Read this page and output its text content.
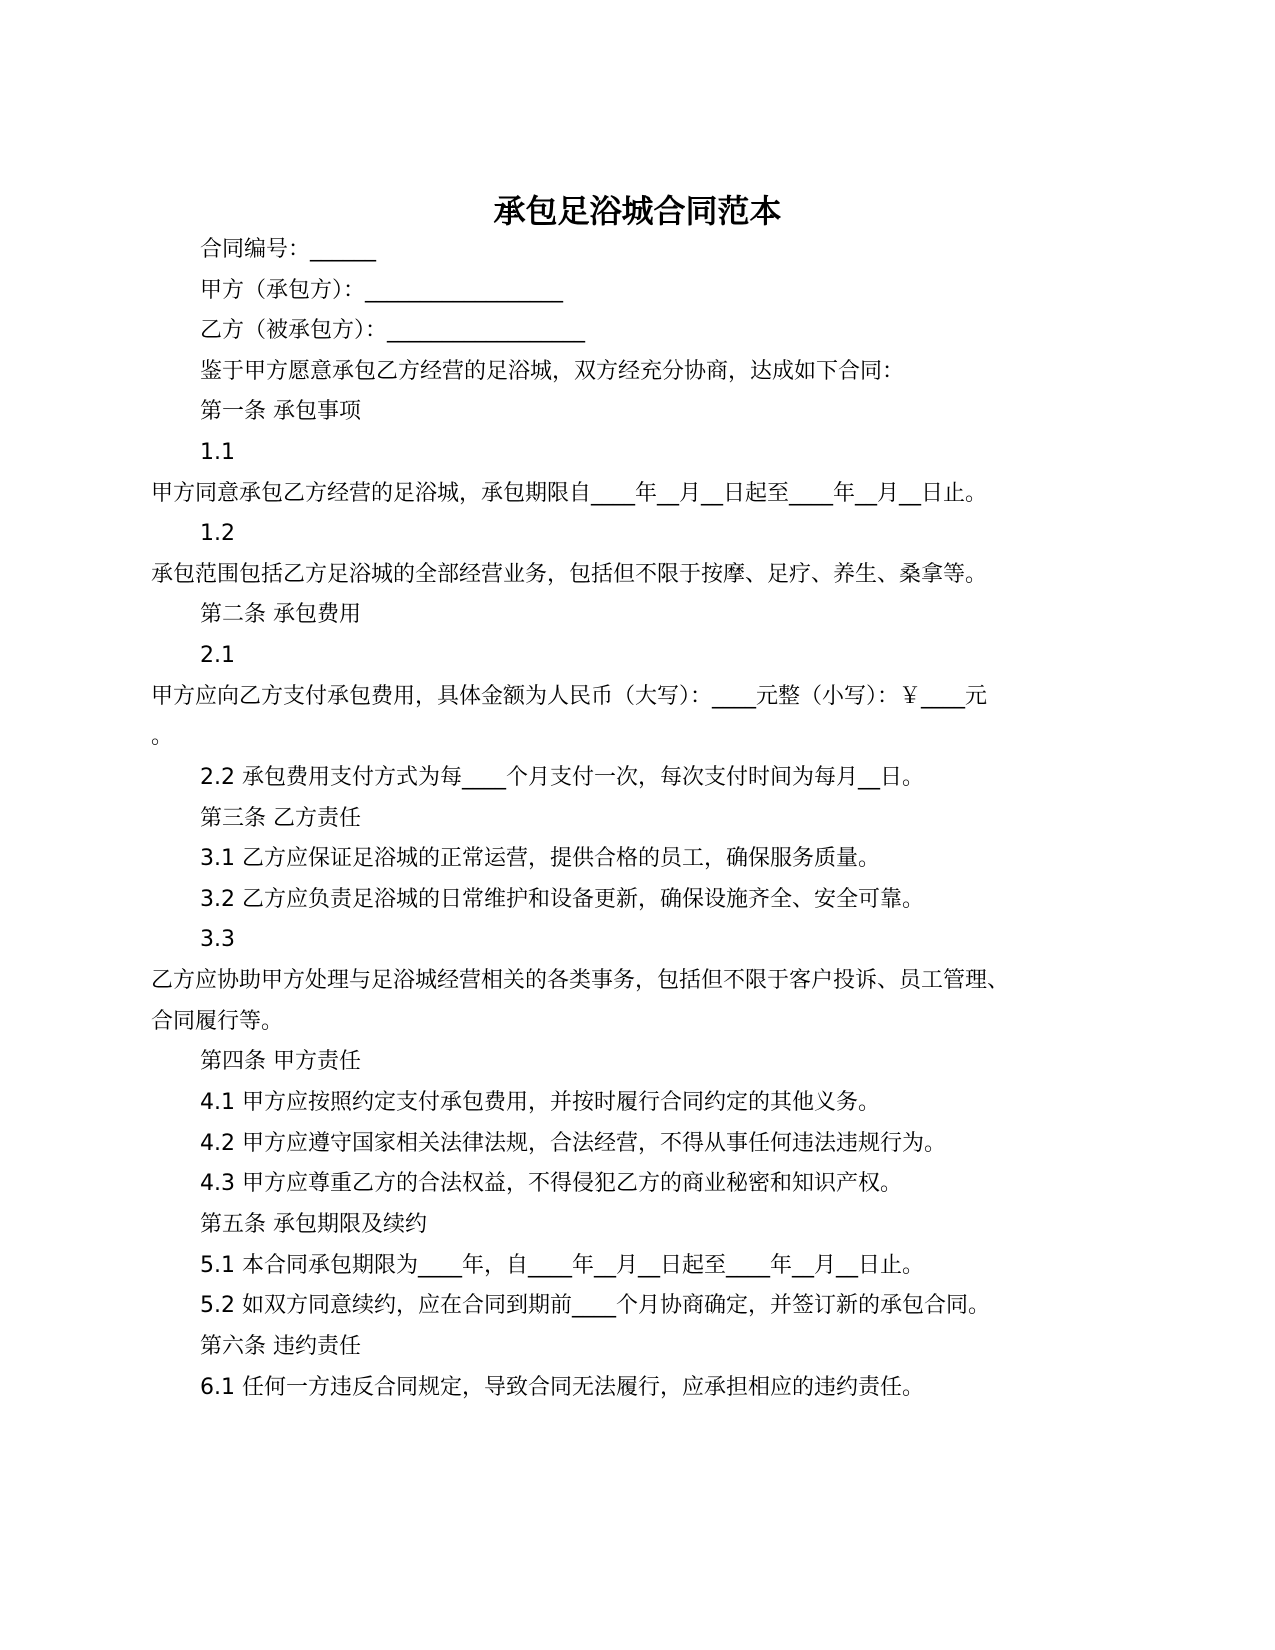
承包足浴城合同范本
合同编号：______
甲方（承包方）：__________________
乙方（被承包方）：__________________
鉴于甲方愿意承包乙方经营的足浴城，双方经充分协商，达成如下合同：
第一条 承包事项
1.1
甲方同意承包乙方经营的足浴城，承包期限自____年__月__日起至____年__月__日止。
1.2
承包范围包括乙方足浴城的全部经营业务，包括但不限于按摩、足疗、养生、桑拿等。
第二条 承包费用
2.1
甲方应向乙方支付承包费用，具体金额为人民币（大写）：____元整（小写）：￥____元
。
2.2 承包费用支付方式为每____个月支付一次，每次支付时间为每月__日。
第三条 乙方责任
3.1 乙方应保证足浴城的正常运营，提供合格的员工，确保服务质量。
3.2 乙方应负责足浴城的日常维护和设备更新，确保设施齐全、安全可靠。
3.3
乙方应协助甲方处理与足浴城经营相关的各类事务，包括但不限于客户投诉、员工管理、
合同履行等。
第四条 甲方责任
4.1 甲方应按照约定支付承包费用，并按时履行合同约定的其他义务。
4.2 甲方应遵守国家相关法律法规，合法经营，不得从事任何违法违规行为。
4.3 甲方应尊重乙方的合法权益，不得侵犯乙方的商业秘密和知识产权。
第五条 承包期限及续约
5.1 本合同承包期限为____年，自____年__月__日起至____年__月__日止。
5.2 如双方同意续约，应在合同到期前____个月协商确定，并签订新的承包合同。
第六条 违约责任
6.1 任何一方违反合同规定，导致合同无法履行，应承担相应的违约责任。
